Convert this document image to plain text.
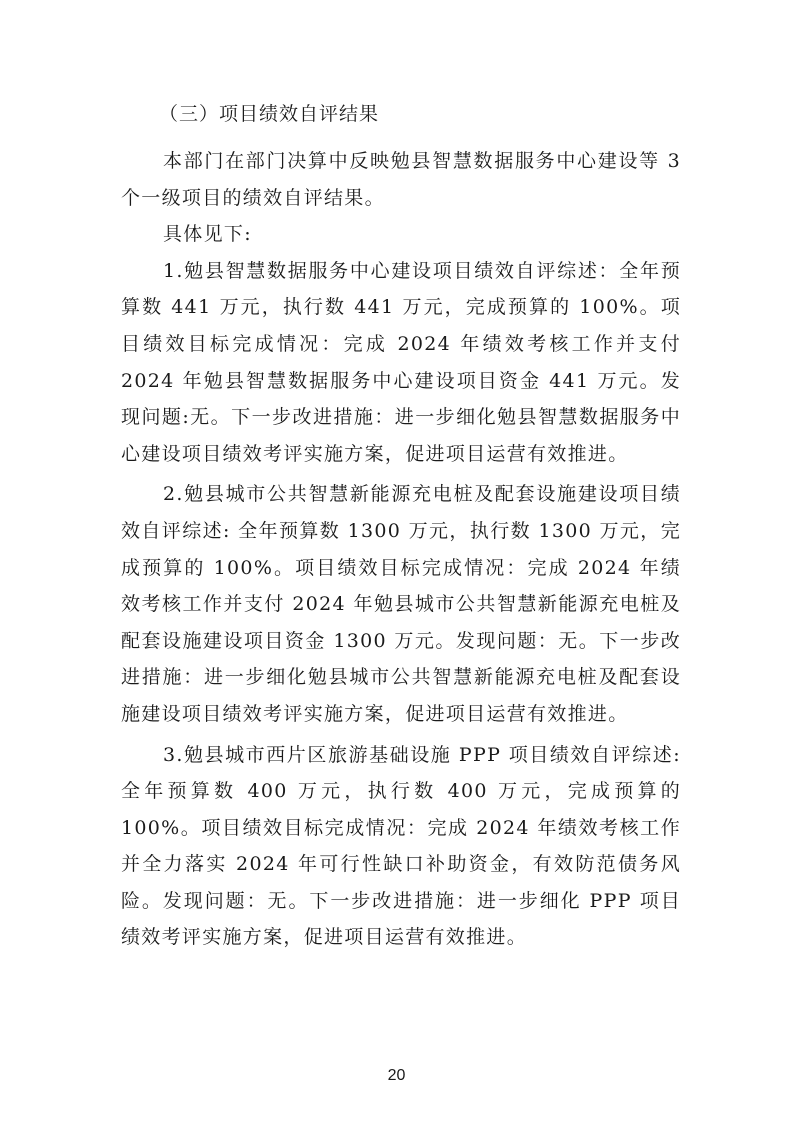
（三）项目绩效自评结果

本部门在部门决算中反映勉县智慧数据服务中心建设等 3 个一级项目的绩效自评结果。

具体见下:

1.勉县智慧数据服务中心建设项目绩效自评综述：全年预算数 441 万元，执行数 441 万元，完成预算的 100%。项目绩效目标完成情况：完成 2024 年绩效考核工作并支付 2024 年勉县智慧数据服务中心建设项目资金 441 万元。发现问题:无。下一步改进措施：进一步细化勉县智慧数据服务中心建设项目绩效考评实施方案，促进项目运营有效推进。

2.勉县城市公共智慧新能源充电桩及配套设施建设项目绩效自评综述: 全年预算数 1300 万元，执行数 1300 万元，完成预算的 100%。项目绩效目标完成情况：完成 2024 年绩效考核工作并支付 2024 年勉县城市公共智慧新能源充电桩及配套设施建设项目资金 1300 万元。发现问题：无。下一步改进措施：进一步细化勉县城市公共智慧新能源充电桩及配套设施建设项目绩效考评实施方案，促进项目运营有效推进。

3.勉县城市西片区旅游基础设施 PPP 项目绩效自评综述:全年预算数 400 万元，执行数 400 万元，完成预算的 100%。项目绩效目标完成情况：完成 2024 年绩效考核工作并全力落实 2024 年可行性缺口补助资金，有效防范债务风险。发现问题：无。下一步改进措施：进一步细化 PPP 项目绩效考评实施方案，促进项目运营有效推进。

20
